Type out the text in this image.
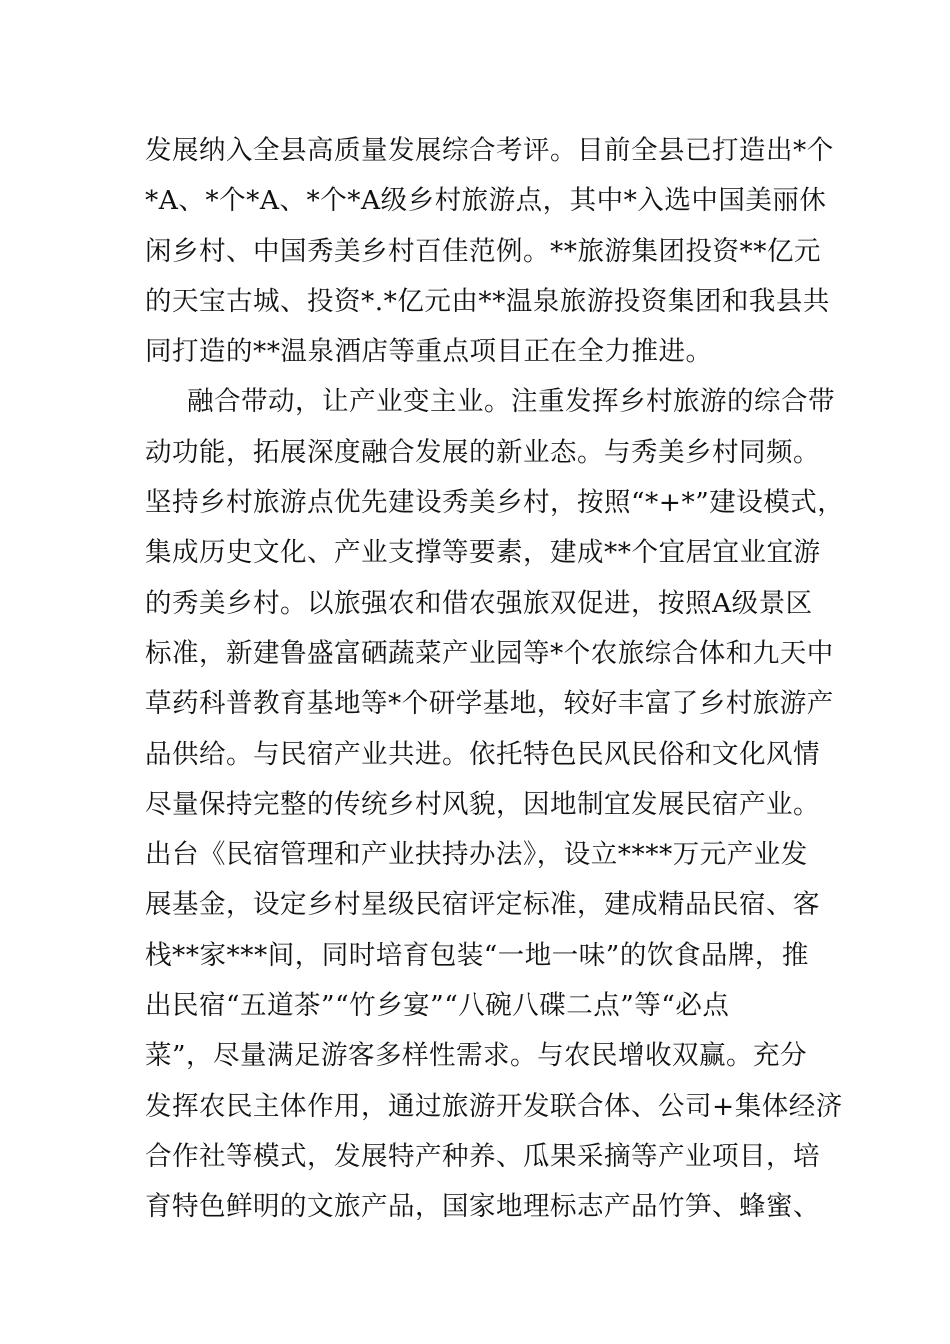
发展纳入全县高质量发展综合考评。目前全县已打造出*个
*A、*个*A、*个*A级乡村旅游点，其中*入选中国美丽休
闲乡村、中国秀美乡村百佳范例。**旅游集团投资**亿元
的天宝古城、投资*.*亿元由**温泉旅游投资集团和我县共
同打造的**温泉酒店等重点项目正在全力推进。
融合带动，让产业变主业。注重发挥乡村旅游的综合带
动功能，拓展深度融合发展的新业态。与秀美乡村同频。
坚持乡村旅游点优先建设秀美乡村，按照“*+*”建设模式，
集成历史文化、产业支撑等要素，建成**个宜居宜业宜游
的秀美乡村。以旅强农和借农强旅双促进，按照A级景区
标准，新建鲁盛富硒蔬菜产业园等*个农旅综合体和九天中
草药科普教育基地等*个研学基地，较好丰富了乡村旅游产
品供给。与民宿产业共进。依托特色民风民俗和文化风情
尽量保持完整的传统乡村风貌，因地制宜发展民宿产业。
出台《民宿管理和产业扶持办法》，设立****万元产业发
展基金，设定乡村星级民宿评定标准，建成精品民宿、客
栈**家***间，同时培育包装“一地一味”的饮食品牌，推
出民宿“五道茶”“竹乡宴”“八碗八碟二点”等“必点
菜”，尽量满足游客多样性需求。与农民增收双赢。充分
发挥农民主体作用，通过旅游开发联合体、公司+集体经济
合作社等模式，发展特产种养、瓜果采摘等产业项目，培
育特色鲜明的文旅产品，国家地理标志产品竹笋、蜂蜜、
